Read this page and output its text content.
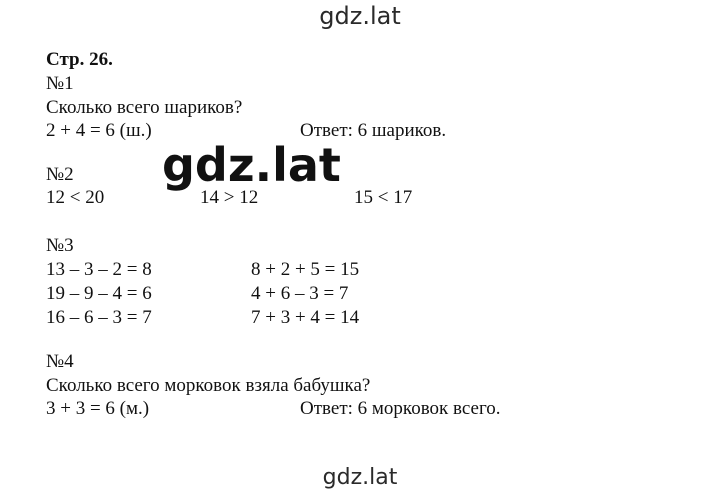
gdz.lat
Стр. 26.
№1
Сколько всего шариков?
2 + 4 = 6 (ш.)	Ответ: 6 шариков.
gdz.lat
№2
12 < 20	14 > 12	15 < 17
№3
13 – 3 – 2 = 8	8 + 2 + 5 = 15
19 – 9 – 4 = 6	4 + 6 – 3 = 7
16 – 6 – 3 = 7	7 + 3 + 4 = 14
№4
Сколько всего морковок взяла бабушка?
3 + 3 = 6 (м.)	Ответ: 6 морковок всего.
gdz.lat
